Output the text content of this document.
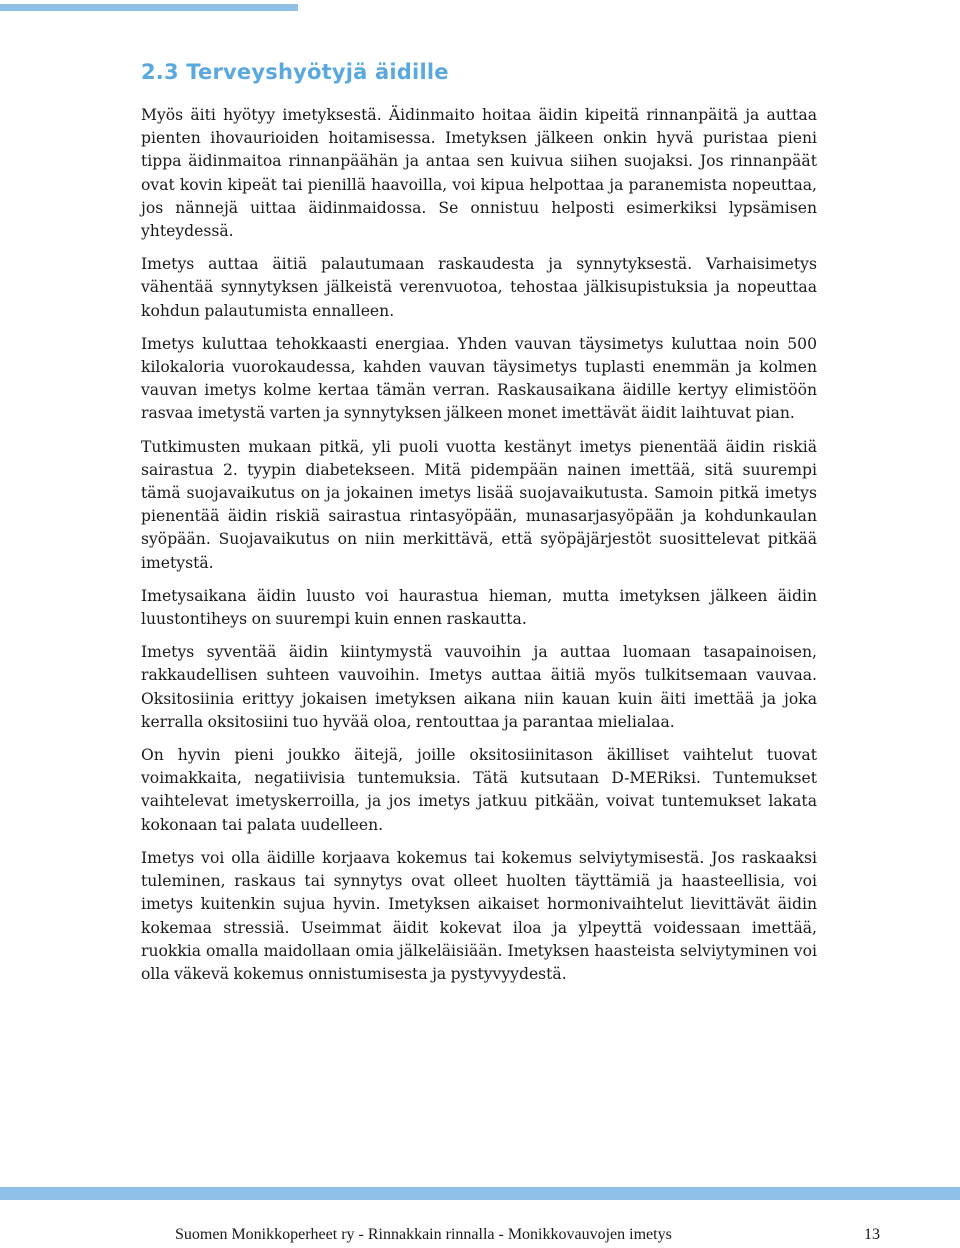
2.3 Terveyshyötyjä äidille

Myös äiti hyötyy imetyksestä. Äidinmaito hoitaa äidin kipeitä rinnanpäitä ja auttaa pienten ihovaurioiden hoitamisessa. Imetyksen jälkeen onkin hyvä puristaa pieni tippa äidinmaitoa rinnanpäähän ja antaa sen kuivua siihen suojaksi. Jos rinnanpäät ovat kovin kipeät tai pienillä haavoilla, voi kipua helpottaa ja paranemista nopeuttaa, jos nännejä uittaa äidinmaidossa. Se onnistuu helposti esimerkiksi lypsämisen yhteydessä.

Imetys auttaa äitiä palautumaan raskaudesta ja synnytyksestä. Varhaisimetys vähentää synnytyksen jälkeistä verenvuotoa, tehostaa jälkisupistuksia ja nopeuttaa kohdun palautumista ennalleen.

Imetys kuluttaa tehokkaasti energiaa. Yhden vauvan täysimetys kuluttaa noin 500 kilokaloria vuorokaudessa, kahden vauvan täysimetys tuplasti enemmän ja kolmen vauvan imetys kolme kertaa tämän verran. Raskausaikana äidille kertyy elimistöön rasvaa imetystä varten ja synnytyksen jälkeen monet imettävät äidit laihtuvat pian.

Tutkimusten mukaan pitkä, yli puoli vuotta kestänyt imetys pienentää äidin riskiä sairastua 2. tyypin diabetekseen. Mitä pidempään nainen imettää, sitä suurempi tämä suojavaikutus on ja jokainen imetys lisää suojavaikutusta. Samoin pitkä imetys pienentää äidin riskiä sairastua rintasyöpään, munasarjasyöpään ja kohdunkaulan syöpään. Suojavaikutus on niin merkittävä, että syöpäjärjestöt suosittelevat pitkää imetystä.

Imetysaikana äidin luusto voi haurastua hieman, mutta imetyksen jälkeen äidin luustontiheys on suurempi kuin ennen raskautta.

Imetys syventää äidin kiintymystä vauvoihin ja auttaa luomaan tasapainoisen, rakkaudellisen suhteen vauvoihin. Imetys auttaa äitiä myös tulkitsemaan vauvaa. Oksitosiinia erittyy jokaisen imetyksen aikana niin kauan kuin äiti imettää ja joka kerralla oksitosiini tuo hyvää oloa, rentouttaa ja parantaa mielialaa.

On hyvin pieni joukko äitejä, joille oksitosiinitason äkilliset vaihtelut tuovat voimakkaita, negatiivisia tuntemuksia. Tätä kutsutaan D-MERiksi. Tuntemukset vaihtelevat imetyskerroilla, ja jos imetys jatkuu pitkään, voivat tuntemukset lakata kokonaan tai palata uudelleen.

Imetys voi olla äidille korjaava kokemus tai kokemus selviytymisestä. Jos raskaaksi tuleminen, raskaus tai synnytys ovat olleet huolten täyttämiä ja haasteellisia, voi imetys kuitenkin sujua hyvin. Imetyksen aikaiset hormonivaihtelut lievittävät äidin kokemaa stressiä. Useimmat äidit kokevat iloa ja ylpeyttä voidessaan imettää, ruokkia omalla maidollaan omia jälkeläisiään. Imetyksen haasteista selviytyminen voi olla väkevä kokemus onnistumisesta ja pystyvyydestä.

Suomen Monikkoperheet ry - Rinnakkain rinnalla - Monikkovauvojen imetys	13
